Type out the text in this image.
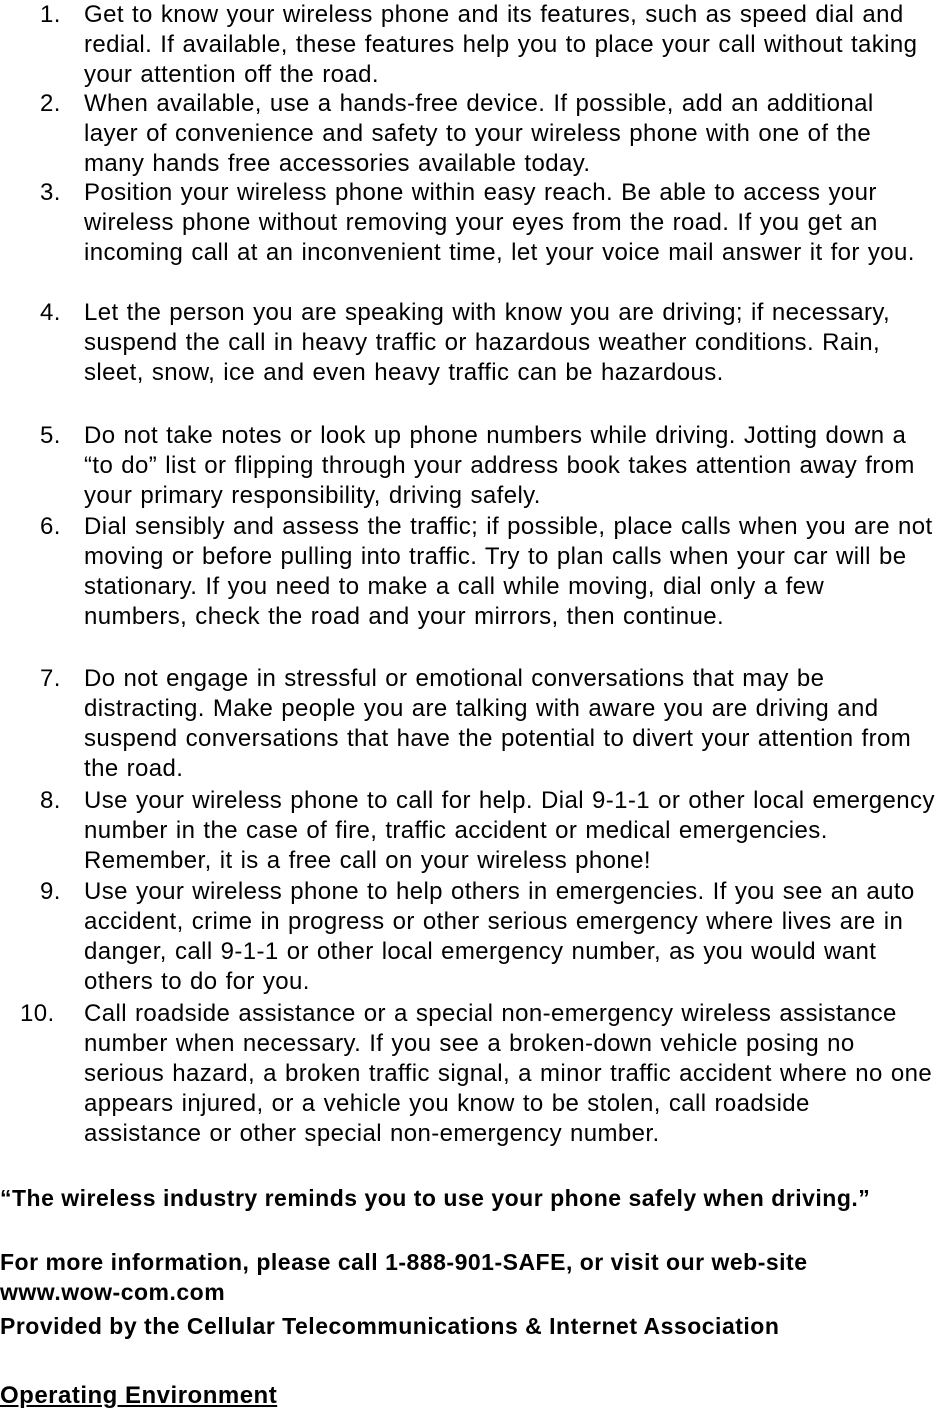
1. Get to know your wireless phone and its features, such as speed dial and redial. If available, these features help you to place your call without taking your attention off the road.
2. When available, use a hands-free device. If possible, add an additional layer of convenience and safety to your wireless phone with one of the many hands free accessories available today.
3. Position your wireless phone within easy reach. Be able to access your wireless phone without removing your eyes from the road. If you get an incoming call at an inconvenient time, let your voice mail answer it for you.
4. Let the person you are speaking with know you are driving; if necessary, suspend the call in heavy traffic or hazardous weather conditions. Rain, sleet, snow, ice and even heavy traffic can be hazardous.
5. Do not take notes or look up phone numbers while driving. Jotting down a “to do” list or flipping through your address book takes attention away from your primary responsibility, driving safely.
6. Dial sensibly and assess the traffic; if possible, place calls when you are not moving or before pulling into traffic. Try to plan calls when your car will be stationary. If you need to make a call while moving, dial only a few numbers, check the road and your mirrors, then continue.
7. Do not engage in stressful or emotional conversations that may be distracting. Make people you are talking with aware you are driving and suspend conversations that have the potential to divert your attention from the road.
8. Use your wireless phone to call for help. Dial 9-1-1 or other local emergency number in the case of fire, traffic accident or medical emergencies. Remember, it is a free call on your wireless phone!
9. Use your wireless phone to help others in emergencies. If you see an auto accident, crime in progress or other serious emergency where lives are in danger, call 9-1-1 or other local emergency number, as you would want others to do for you.
10. Call roadside assistance or a special non-emergency wireless assistance number when necessary. If you see a broken-down vehicle posing no serious hazard, a broken traffic signal, a minor traffic accident where no one appears injured, or a vehicle you know to be stolen, call roadside assistance or other special non-emergency number.
“The wireless industry reminds you to use your phone safely when driving.”
For more information, please call 1-888-901-SAFE, or visit our web-site www.wow-com.com
Provided by the Cellular Telecommunications & Internet Association
Operating Environment
